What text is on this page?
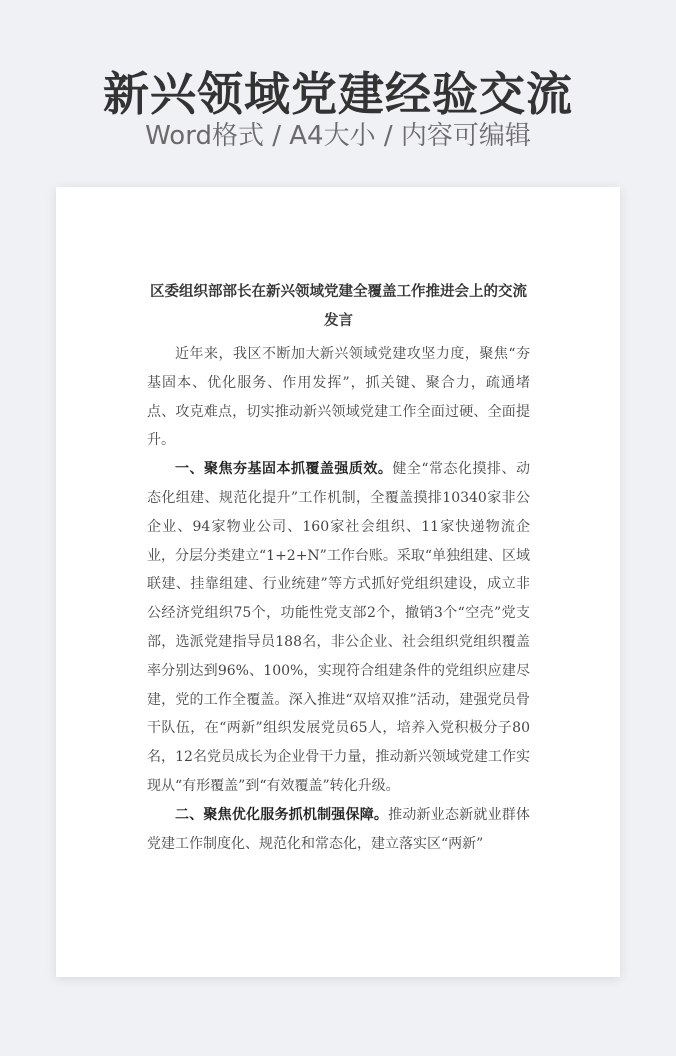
新兴领域党建经验交流
Word格式 / A4大小 / 内容可编辑
区委组织部部长在新兴领域党建全覆盖工作推进会上的交流发言

近年来，我区不断加大新兴领域党建攻坚力度，聚焦“夯基固本、优化服务、作用发挥”，抓关键、聚合力，疏通堵点、攻克难点，切实推动新兴领域党建工作全面过硬、全面提升。

一、聚焦夯基固本抓覆盖强质效。健全“常态化摸排、动态化组建、规范化提升”工作机制，全覆盖摸排10340家非公企业、94家物业公司、160家社会组织、11家快递物流企业，分层分类建立“1+2+N”工作台账。采取“单独组建、区域联建、挂靠组建、行业统建”等方式抓好党组织建设，成立非公经济党组织75个，功能性党支部2个，撤销3个“空壳”党支部，选派党建指导员188名，非公企业、社会组织党组织覆盖率分别达到96%、100%，实现符合组建条件的党组织应建尽建，党的工作全覆盖。深入推进“双培双推”活动，建强党员骨干队伍，在“两新”组织发展党员65人，培养入党积极分子80名，12名党员成长为企业骨干力量，推动新兴领域党建工作实现从“有形覆盖”到“有效覆盖”转化升级。

二、聚焦优化服务抓机制强保障。推动新业态新就业群体党建工作制度化、规范化和常态化，建立落实区“两新”
